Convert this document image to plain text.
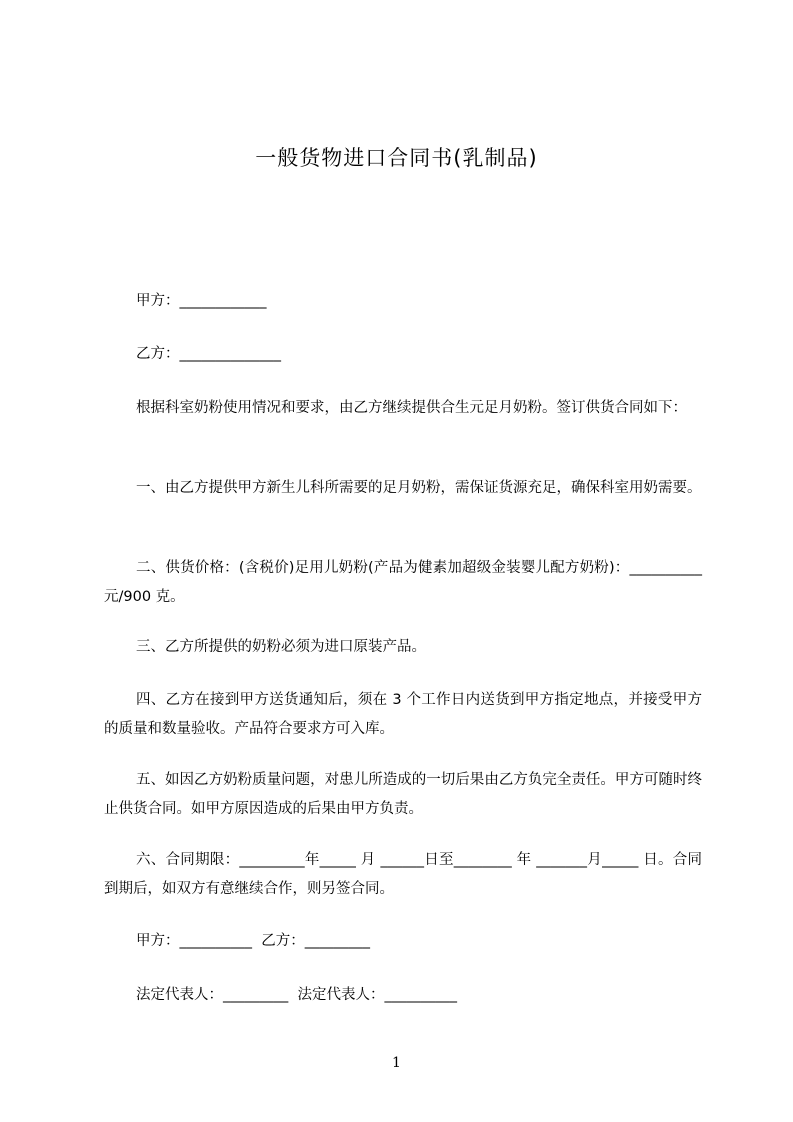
一般货物进口合同书(乳制品)
甲方：____________
乙方：______________

根据科室奶粉使用情况和要求，由乙方继续提供合生元足月奶粉。签订供货合同如下：

一、由乙方提供甲方新生儿科所需要的足月奶粉，需保证货源充足，确保科室用奶需要。

二、供货价格：(含税价)足用儿奶粉(产品为健素加超级金装婴儿配方奶粉)：__________ 元/900 克。

三、乙方所提供的奶粉必须为进口原装产品。

四、乙方在接到甲方送货通知后，须在 3 个工作日内送货到甲方指定地点，并接受甲方的质量和数量验收。产品符合要求方可入库。

五、如因乙方奶粉质量问题，对患儿所造成的一切后果由乙方负完全责任。甲方可随时终止供货合同。如甲方原因造成的后果由甲方负责。

六、合同期限：_________年_____ 月 ______日至________ 年 _______月_____ 日。合同到期后，如双方有意继续合作，则另签合同。

甲方：__________  乙方：_________
法定代表人：_________  法定代表人：__________
1
